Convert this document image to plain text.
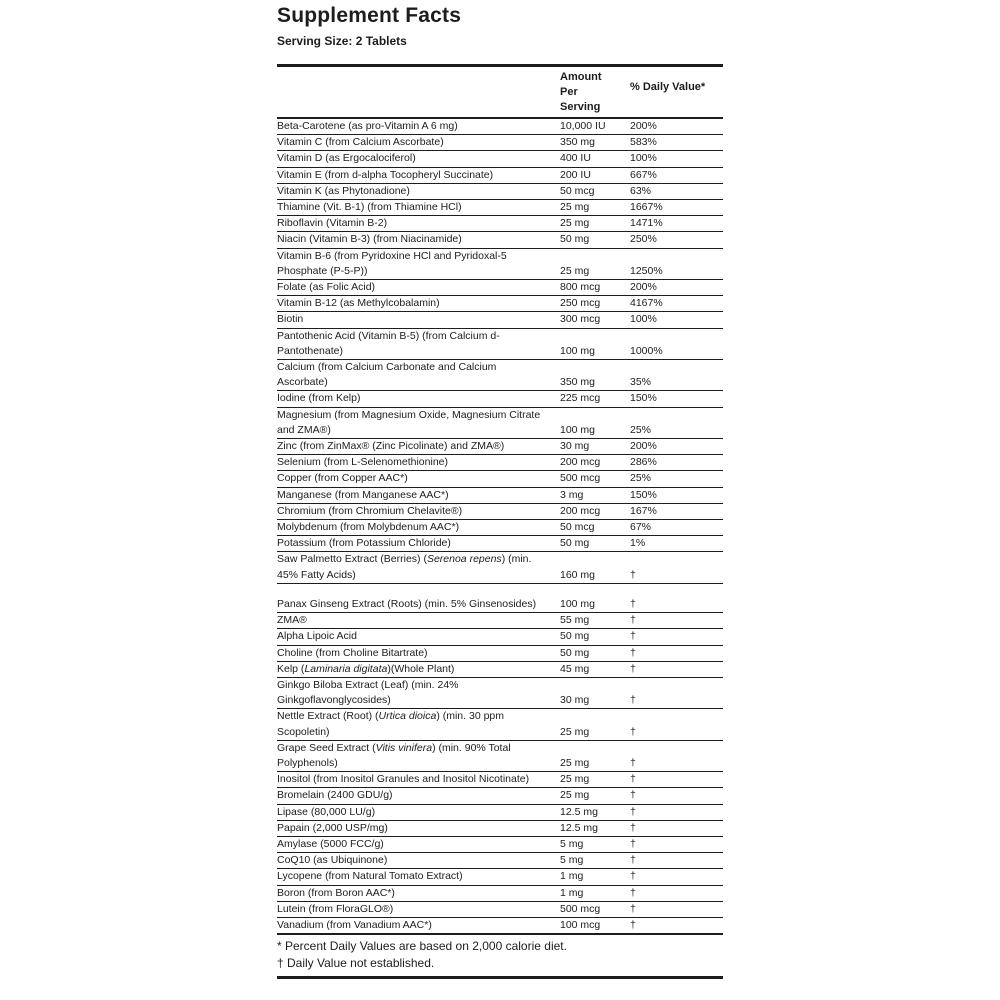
Supplement Facts
Serving Size: 2 Tablets
	Amount
Per
Serving	% Daily Value*
Beta-Carotene (as pro-Vitamin A 6 mg)	10,000 IU	200%
Vitamin C (from Calcium Ascorbate)	350 mg	583%
Vitamin D (as Ergocalociferol)	400 IU	100%
Vitamin E (from d-alpha Tocopheryl Succinate)	200 IU	667%
Vitamin K (as Phytonadione)	50 mcg	63%
Thiamine (Vit. B-1) (from Thiamine HCl)	25 mg	1667%
Riboflavin (Vitamin B-2)	25 mg	1471%
Niacin (Vitamin B-3) (from Niacinamide)	50 mg	250%
Vitamin B-6 (from Pyridoxine HCl and Pyridoxal-5
Phosphate (P-5-P))	25 mg	1250%
Folate (as Folic Acid)	800 mcg	200%
Vitamin B-12 (as Methylcobalamin)	250 mcg	4167%
Biotin	300 mcg	100%
Pantothenic Acid (Vitamin B-5) (from Calcium d-
Pantothenate)	100 mg	1000%
Calcium (from Calcium Carbonate and Calcium
Ascorbate)	350 mg	35%
Iodine (from Kelp)	225 mcg	150%
Magnesium (from Magnesium Oxide, Magnesium Citrate
and ZMA®)	100 mg	25%
Zinc (from ZinMax® (Zinc Picolinate) and ZMA®)	30 mg	200%
Selenium (from L-Selenomethionine)	200 mcg	286%
Copper (from Copper AAC*)	500 mcg	25%
Manganese (from Manganese AAC*)	3 mg	150%
Chromium (from Chromium Chelavite®)	200 mcg	167%
Molybdenum (from Molybdenum AAC*)	50 mcg	67%
Potassium (from Potassium Chloride)	50 mg	1%
Saw Palmetto Extract (Berries) (Serenoa repens) (min.
45% Fatty Acids)	160 mg	†
Panax Ginseng Extract (Roots) (min. 5% Ginsenosides)	100 mg	†
ZMA®	55 mg	†
Alpha Lipoic Acid	50 mg	†
Choline (from Choline Bitartrate)	50 mg	†
Kelp (Laminaria digitata)(Whole Plant)	45 mg	†
Ginkgo Biloba Extract (Leaf) (min. 24%
Ginkgoflavonglycosides)	30 mg	†
Nettle Extract (Root) (Urtica dioica) (min. 30 ppm
Scopoletin)	25 mg	†
Grape Seed Extract (Vitis vinifera) (min. 90% Total
Polyphenols)	25 mg	†
Inositol (from Inositol Granules and Inositol Nicotinate)	25 mg	†
Bromelain (2400 GDU/g)	25 mg	†
Lipase (80,000 LU/g)	12.5 mg	†
Papain (2,000 USP/mg)	12.5 mg	†
Amylase (5000 FCC/g)	5 mg	†
CoQ10 (as Ubiquinone)	5 mg	†
Lycopene (from Natural Tomato Extract)	1 mg	†
Boron (from Boron AAC*)	1 mg	†
Lutein (from FloraGLO®)	500 mcg	†
Vanadium (from Vanadium AAC*)	100 mcg	†
* Percent Daily Values are based on 2,000 calorie diet.
† Daily Value not established.
